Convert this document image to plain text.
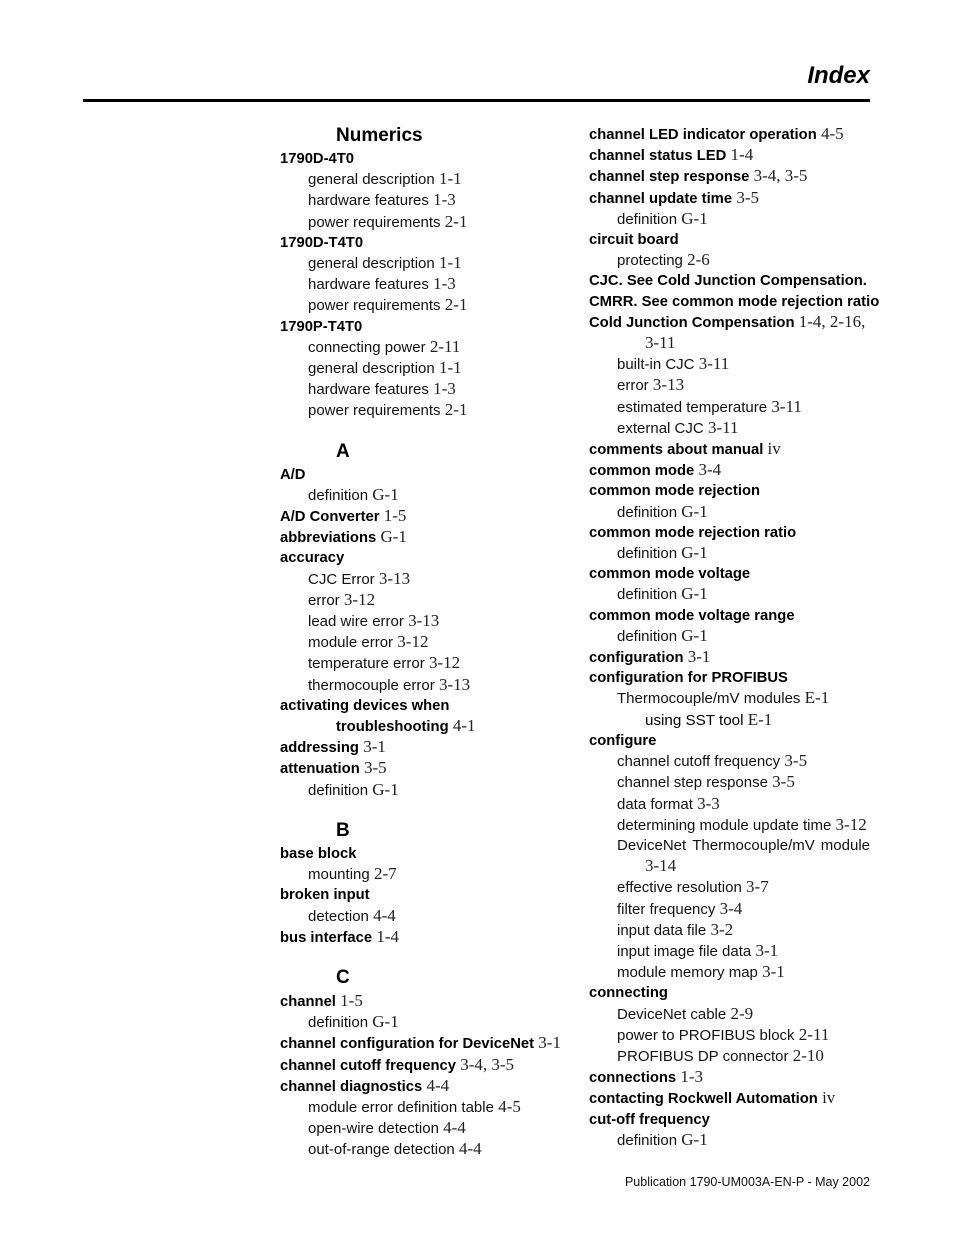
Index
Numerics
1790D-4T0
general description 1-1
hardware features 1-3
power requirements 2-1
1790D-T4T0
general description 1-1
hardware features 1-3
power requirements 2-1
1790P-T4T0
connecting power 2-11
general description 1-1
hardware features 1-3
power requirements 2-1
A
A/D
definition G-1
A/D Converter 1-5
abbreviations G-1
accuracy
CJC Error 3-13
error 3-12
lead wire error 3-13
module error 3-12
temperature error 3-12
thermocouple error 3-13
activating devices when
troubleshooting 4-1
addressing 3-1
attenuation 3-5
definition G-1
B
base block
mounting 2-7
broken input
detection 4-4
bus interface 1-4
C
channel 1-5
definition G-1
channel configuration for DeviceNet 3-1
channel cutoff frequency 3-4, 3-5
channel diagnostics 4-4
module error definition table 4-5
open-wire detection 4-4
out-of-range detection 4-4
channel LED indicator operation 4-5
channel status LED 1-4
channel step response 3-4, 3-5
channel update time 3-5
definition G-1
circuit board
protecting 2-6
CJC. See Cold Junction Compensation.
CMRR. See common mode rejection ratio
Cold Junction Compensation 1-4, 2-16,
3-11
built-in CJC 3-11
error 3-13
estimated temperature 3-11
external CJC 3-11
comments about manual iv
common mode 3-4
common mode rejection
definition G-1
common mode rejection ratio
definition G-1
common mode voltage
definition G-1
common mode voltage range
definition G-1
configuration 3-1
configuration for PROFIBUS
Thermocouple/mV modules E-1
using SST tool E-1
configure
channel cutoff frequency 3-5
channel step response 3-5
data format 3-3
determining module update time 3-12
DeviceNet Thermocouple/mV module
3-14
effective resolution 3-7
filter frequency 3-4
input data file 3-2
input image file data 3-1
module memory map 3-1
connecting
DeviceNet cable 2-9
power to PROFIBUS block 2-11
PROFIBUS DP connector 2-10
connections 1-3
contacting Rockwell Automation iv
cut-off frequency
definition G-1
Publication 1790-UM003A-EN-P - May 2002
